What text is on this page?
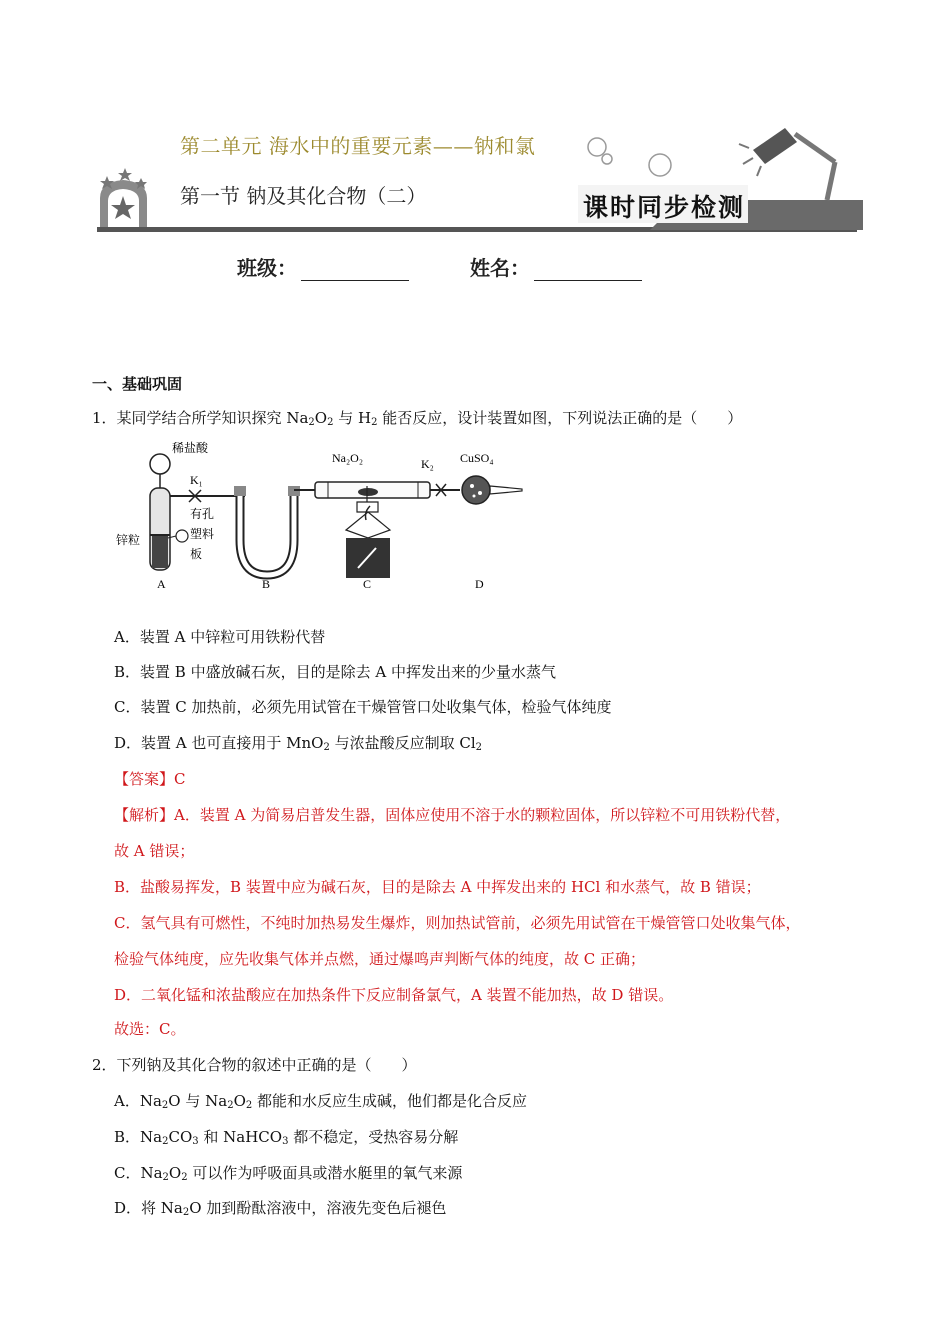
课时同步检测
第二单元 海水中的重要元素——钠和氯
第一节 钠及其化合物（二）
班级：	姓名：
一、基础巩固
1．某同学结合所学知识探究 $Na_2O_2$ 与 $H_2$ 能否反应，设计装置如图，下列说法正确的是（　　）
稀盐酸
K₁
锌粒
有孔
塑料
板
Na₂O₂	K₂ CuSO₄
A	B	C	D
A．装置 A 中锌粒可用铁粉代替
B．装置 B 中盛放碱石灰，目的是除去 A 中挥发出来的少量水蒸气
C．装置 C 加热前，必须先用试管在干燥管管口处收集气体，检验气体纯度
D．装置 A 也可直接用于 MnO$_2$ 与浓盐酸反应制取 $Cl_2$
【答案】C
【解析】A．装置 A 为简易启普发生器，固体应使用不溶于水的颗粒固体，所以锌粒不可用铁粉代替，
故 A 错误；
B．盐酸易挥发，B 装置中应为碱石灰，目的是除去 A 中挥发出来的 HCl 和水蒸气，故 B 错误；
C．氢气具有可燃性，不纯时加热易发生爆炸，则加热试管前，必须先用试管在干燥管管口处收集气体，
检验气体纯度，应先收集气体并点燃，通过爆鸣声判断气体的纯度，故 C 正确；
D．二氧化锰和浓盐酸应在加热条件下反应制备氯气，A 装置不能加热，故 D 错误。
故选：C。
2．下列钠及其化合物的叙述中正确的是（　　）
A．$Na_2O$ 与 $Na_2O_2$ 都能和水反应生成碱，他们都是化合反应
B．$Na_2CO_3$ 和 NaHCO$_3$ 都不稳定，受热容易分解
C．$Na_2O_2$ 可以作为呼吸面具或潜水艇里的氧气来源
D．将 $Na_2O$ 加到酚酞溶液中，溶液先变色后褪色
